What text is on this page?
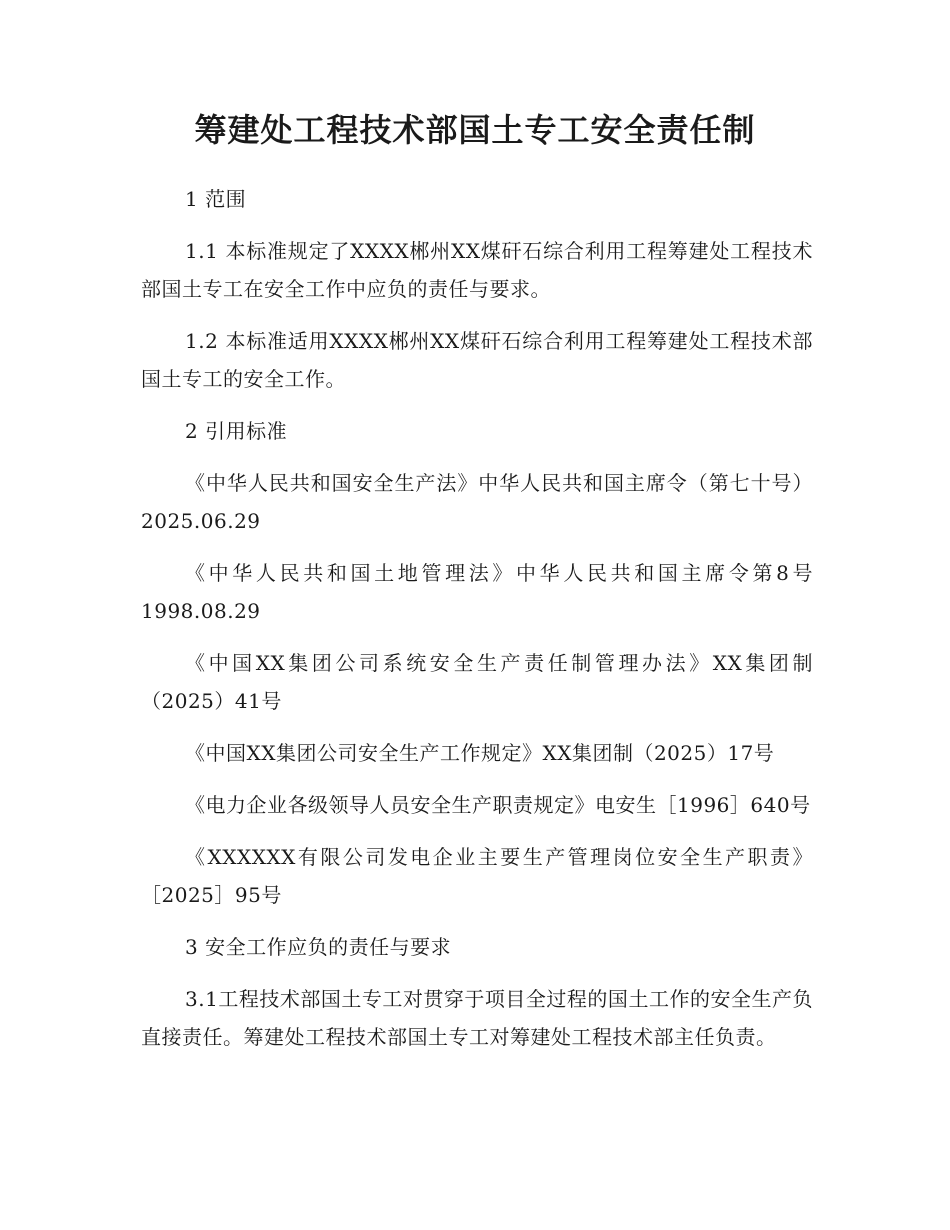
筹建处工程技术部国土专工安全责任制

1 范围

1.1 本标准规定了XXXX郴州XX煤矸石综合利用工程筹建处工程技术部国土专工在安全工作中应负的责任与要求。

1.2 本标准适用XXXX郴州XX煤矸石综合利用工程筹建处工程技术部国土专工的安全工作。

2 引用标准

《中华人民共和国安全生产法》中华人民共和国主席令（第七十号）2025.06.29

《中华人民共和国土地管理法》中华人民共和国主席令第8号1998.08.29

《中国XX集团公司系统安全生产责任制管理办法》XX集团制（2025）41号

《中国XX集团公司安全生产工作规定》XX集团制（2025）17号

《电力企业各级领导人员安全生产职责规定》电安生［1996］640号

《XXXXXX有限公司发电企业主要生产管理岗位安全生产职责》［2025］95号

3 安全工作应负的责任与要求

3.1工程技术部国土专工对贯穿于项目全过程的国土工作的安全生产负直接责任。筹建处工程技术部国土专工对筹建处工程技术部主任负责。
